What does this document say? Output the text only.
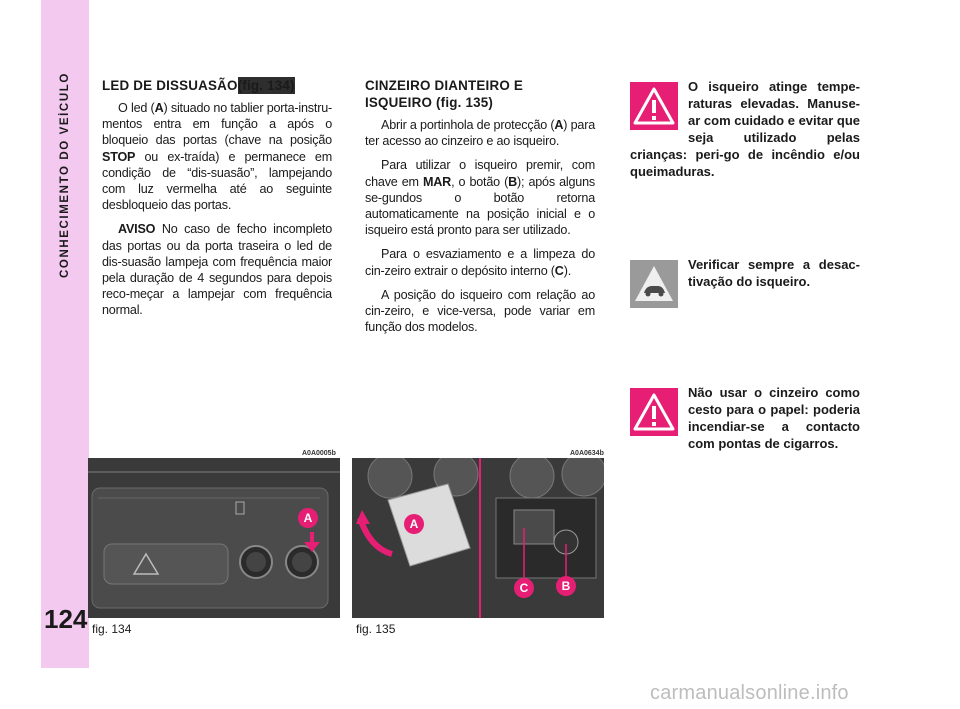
CONHECIMENTO DO VEÍCULO
124
LED DE DISSUASÃO (fig. 134)

O led (A) situado no tablier porta-instru-mentos entra em função a após o bloqueio das portas (chave na posição STOP ou ex-traída) e permanece em condição de “dis-suasão”, lampejando com luz vermelha até ao seguinte desbloqueio das portas.

AVISO No caso de fecho incompleto das portas ou da porta traseira o led de dis-suasão lampeja com frequência maior pela duração de 4 segundos para depois reco-meçar a lampejar com frequência normal.

CINZEIRO DIANTEIRO E
ISQUEIRO (fig. 135)

Abrir a portinhola de protecção (A) para ter acesso ao cinzeiro e ao isqueiro.

Para utilizar o isqueiro premir, com chave em MAR, o botão (B); após alguns se-gundos o botão retorna automaticamente na posição inicial e o isqueiro está pronto para ser utilizado.

Para o esvaziamento e a limpeza do cin-zeiro extrair o depósito interno (C).

A posição do isqueiro com relação ao cin-zeiro, e vice-versa, pode variar em função dos modelos.

O isqueiro atinge tempe-raturas elevadas. Manuse-ar com cuidado e evitar que seja utilizado pelas crianças: peri-go de incêndio e/ou queimaduras.
Verificar sempre a desac-tivação do isqueiro.
Não usar o cinzeiro como cesto para o papel: poderia incendiar-se a contacto com pontas de cigarros.
A0A0005b
A
fig. 134
A0A0634b
A
B
C
fig. 135
carmanualsonline.info
